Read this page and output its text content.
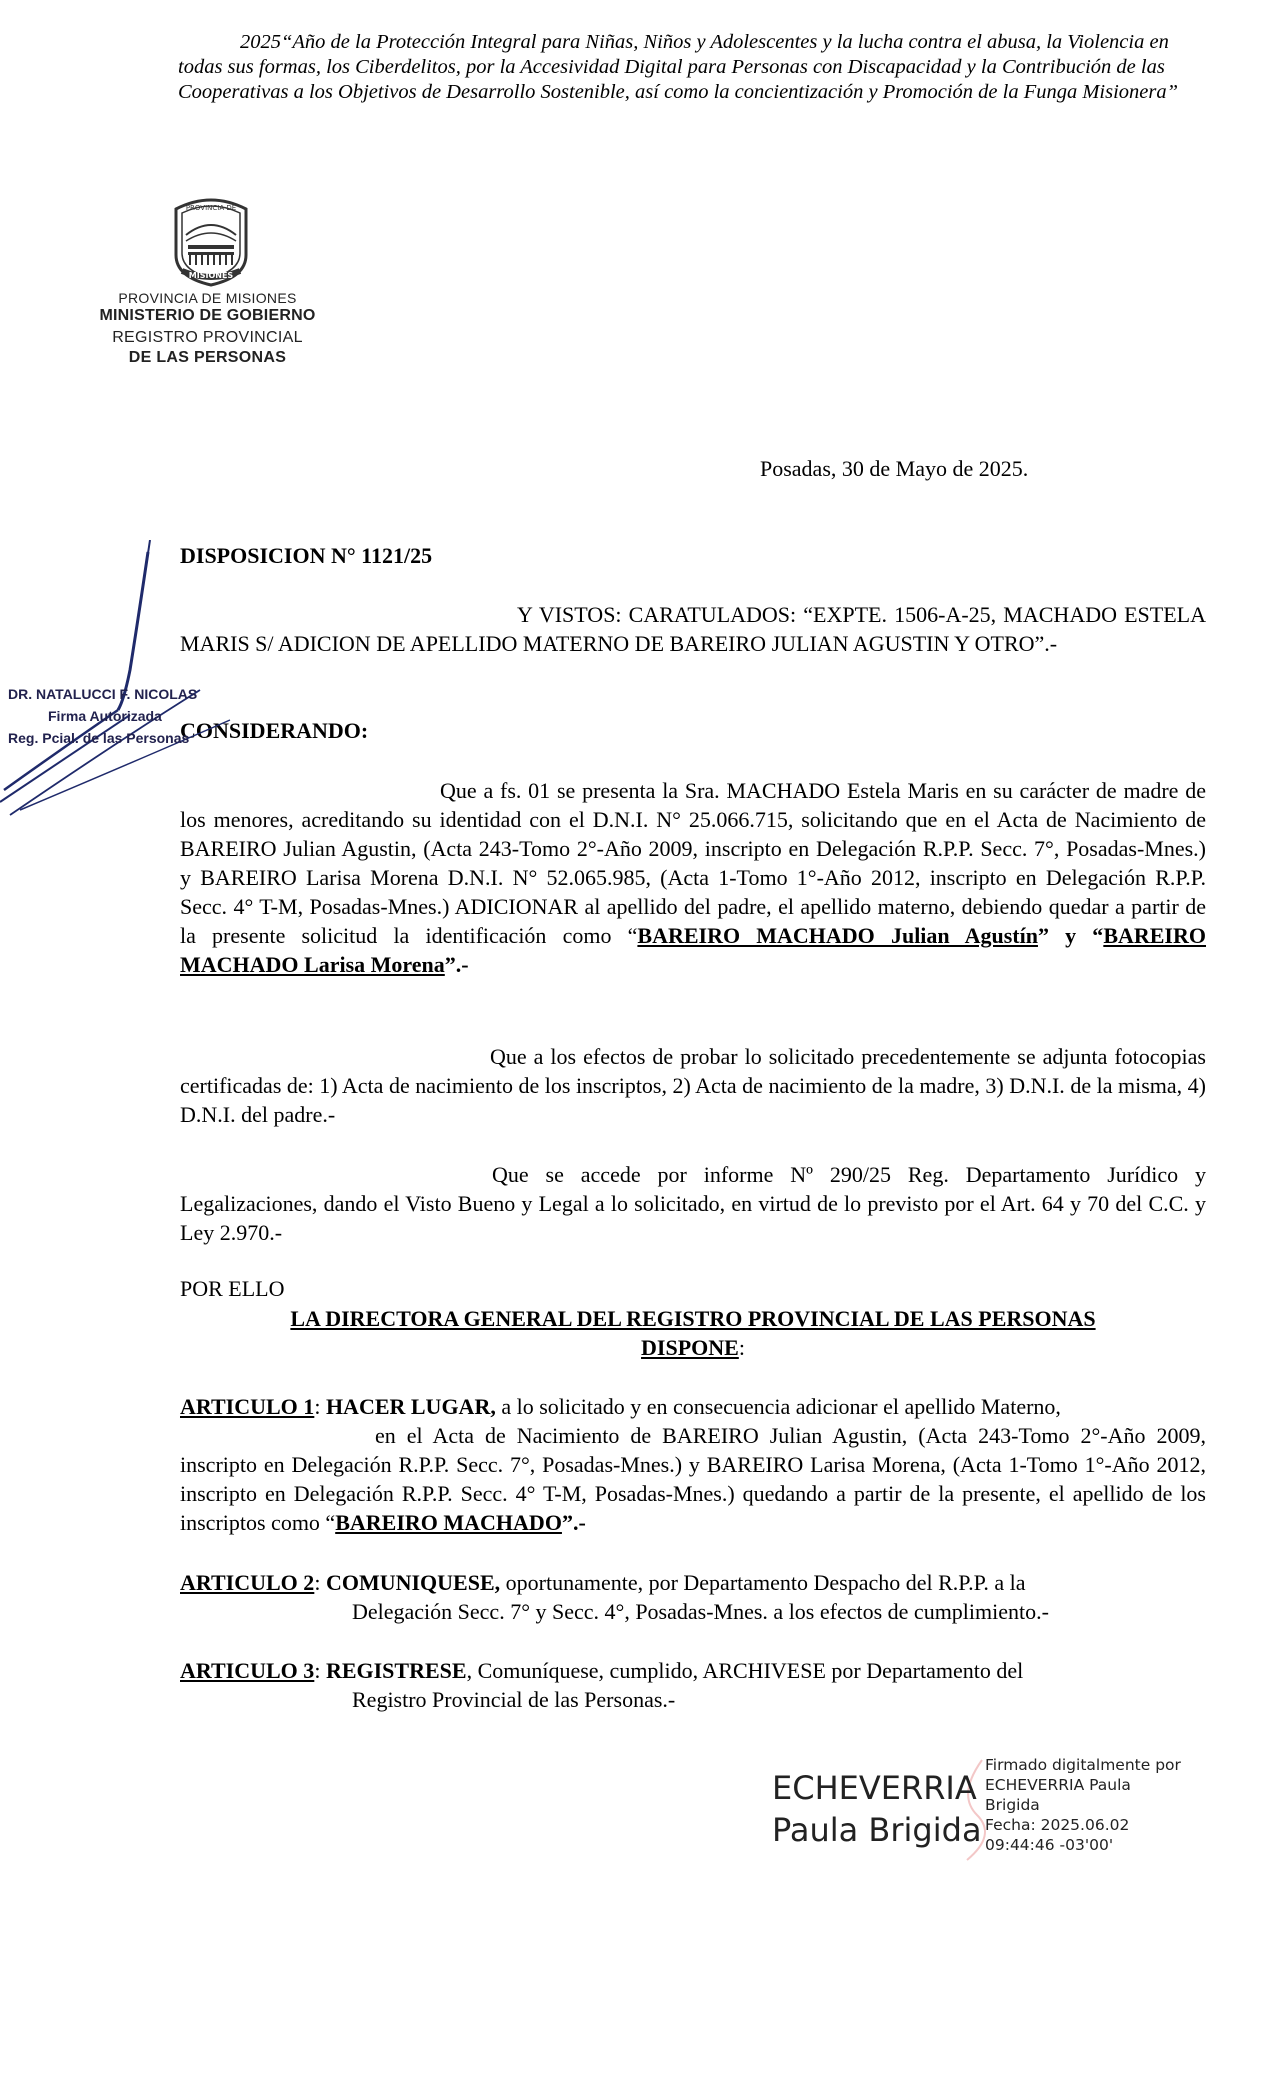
2025“Año de la Protección Integral para Niñas, Niños y Adolescentes y la lucha contra el abusa, la Violencia en todas sus formas, los Ciberdelitos, por la Accesividad Digital para Personas con Discapacidad y la Contribución de las Cooperativas a los Objetivos de Desarrollo Sostenible, así como la concientización y Promoción de la Funga Misionera”

PROVINCIA DE
MISIONES
PROVINCIA DE MISIONES
MINISTERIO DE GOBIERNO
REGISTRO PROVINCIAL
DE LAS PERSONAS

Posadas, 30 de Mayo de 2025.

DISPOSICION N° 1121/25

Y VISTOS: CARATULADOS: “EXPTE. 1506-A-25, MACHADO ESTELA MARIS S/ ADICION DE APELLIDO MATERNO DE BAREIRO JULIAN AGUSTIN Y OTRO”.-

CONSIDERANDO:

Que a fs. 01 se presenta la Sra. MACHADO Estela Maris en su carácter de madre de los menores, acreditando su identidad con el D.N.I. N° 25.066.715, solicitando que en el Acta de Nacimiento de BAREIRO Julian Agustin, (Acta 243-Tomo 2°-Año 2009, inscripto en Delegación R.P.P. Secc. 7°, Posadas-Mnes.) y BAREIRO Larisa Morena D.N.I. N° 52.065.985, (Acta 1-Tomo 1°-Año 2012, inscripto en Delegación R.P.P. Secc. 4° T-M, Posadas-Mnes.) ADICIONAR al apellido del padre, el apellido materno, debiendo quedar a partir de la presente solicitud la identificación como “BAREIRO MACHADO Julian Agustín” y “BAREIRO MACHADO Larisa Morena”.-

Que a los efectos de probar lo solicitado precedentemente se adjunta fotocopias certificadas de: 1) Acta de nacimiento de los inscriptos, 2) Acta de nacimiento de la madre, 3) D.N.I. de la misma, 4) D.N.I. del padre.-

Que se accede por informe Nº 290/25 Reg. Departamento Jurídico y Legalizaciones, dando el Visto Bueno y Legal a lo solicitado, en virtud de lo previsto por el Art. 64 y 70 del C.C. y Ley 2.970.-

POR ELLO

LA DIRECTORA GENERAL DEL REGISTRO PROVINCIAL DE LAS PERSONAS
DISPONE:

ARTICULO 1: HACER LUGAR, a lo solicitado y en consecuencia adicionar el apellido Materno,
en el Acta de Nacimiento de BAREIRO Julian Agustin, (Acta 243-Tomo 2°-Año 2009, inscripto en Delegación R.P.P. Secc. 7°, Posadas-Mnes.) y BAREIRO Larisa Morena, (Acta 1-Tomo 1°-Año 2012, inscripto en Delegación R.P.P. Secc. 4° T-M, Posadas-Mnes.) quedando a partir de la presente, el apellido de los inscriptos como “BAREIRO MACHADO”.-

ARTICULO 2: COMUNIQUESE, oportunamente, por Departamento Despacho del R.P.P. a la
Delegación Secc. 7° y Secc. 4°, Posadas-Mnes. a los efectos de cumplimiento.-

ARTICULO 3: REGISTRESE, Comuníquese, cumplido, ARCHIVESE por Departamento del
Registro Provincial de las Personas.-

DR. NATALUCCI F. NICOLAS

Firma Autorizada

Reg. Pcial. de las Personas

ECHEVERRIA
Paula Brigida
Firmado digitalmente por
ECHEVERRIA Paula
Brigida
Fecha: 2025.06.02
09:44:46 -03'00'
